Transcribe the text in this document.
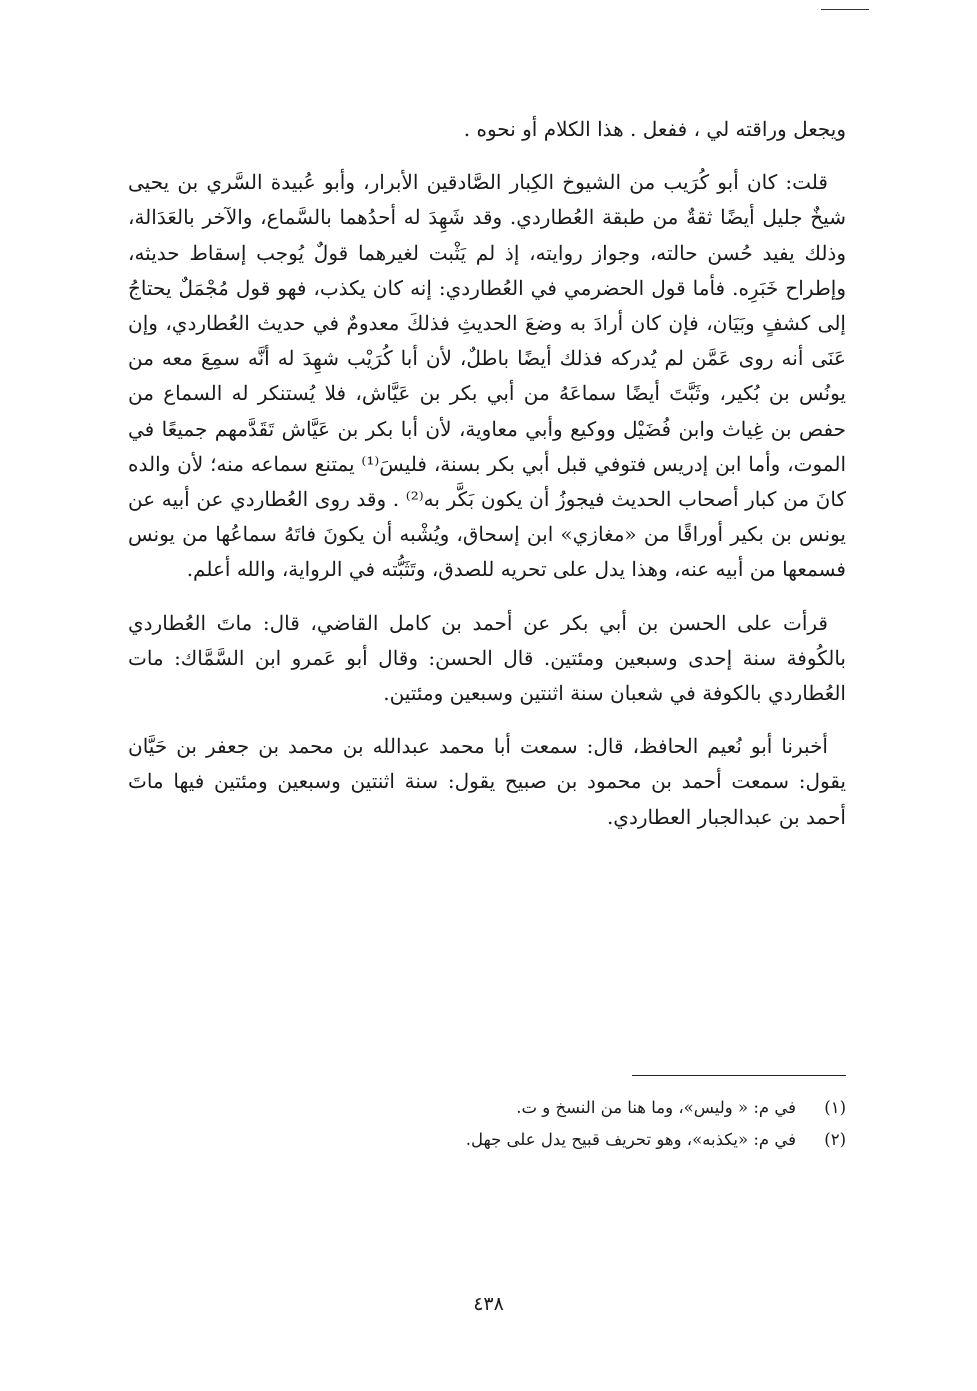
ويجعل وراقته لي ، ففعل . هذا الكلام أو نحوه .

قلت: كان أبو كُرَيب من الشيوخ الكِبار الصَّادقين الأبرار، وأبو عُبيدة السَّري بن يحيى شيخٌ جليل أيضًا ثقةٌ من طبقة العُطاردي. وقد شَهِدَ له أحدُهما بالسَّماع، والآخر بالعَدَالة، وذلك يفيد حُسن حالته، وجواز روايته، إذ لم يَثْبت لغيرهما قولٌ يُوجب إسقاط حديثه، وإطراح خَبَرِه. فأما قول الحضرمي في العُطاردي: إنه كان يكذب، فهو قول مُجْمَلٌ يحتاجُ إلى كشفٍ وبَيَان، فإن كان أرادَ به وضعَ الحديثِ فذلكَ معدومٌ في حديث العُطاردي، وإن عَنَى أنه روى عَمَّن لم يُدركه فذلك أيضًا باطلٌ، لأن أبا كُرَيْب شهِدَ له أنَّه سمِعَ معه من يونُس بن بُكير، وثَبَّتَ أيضًا سماعَهُ من أبي بكر بن عَيَّاش، فلا يُستنكر له السماع من حفص بن غِياث وابن فُضَيْل ووكيع وأبي معاوية، لأن أبا بكر بن عَيَّاش تَقَدَّمهم جميعًا في الموت، وأما ابن إدريس فتوفي قبل أبي بكر بسنة، فليسَ⁽¹⁾ يمتنع سماعه منه؛ لأن والده كانَ من كبار أصحاب الحديث فيجوزُ أن يكون بَكَّر به⁽²⁾ . وقد روى العُطاردي عن أبيه عن يونس بن بكير أوراقًا من «مغازي» ابن إسحاق، ويُشْبه أن يكونَ فاتَهُ سماعُها من يونس فسمعها من أبيه عنه، وهذا يدل على تحريه للصدق، وتَثَبُّته في الرواية، والله أعلم.

قرأت على الحسن بن أبي بكر عن أحمد بن كامل القاضي، قال: ماتَ العُطاردي بالكُوفة سنة إحدى وسبعين ومئتين. قال الحسن: وقال أبو عَمرو ابن السَّمَّاك: مات العُطاردي بالكوفة في شعبان سنة اثنتين وسبعين ومئتين.

أخبرنا أبو نُعيم الحافظ، قال: سمعت أبا محمد عبدالله بن محمد بن جعفر بن حَيَّان يقول: سمعت أحمد بن محمود بن صبيح يقول: سنة اثنتين وسبعين ومئتين فيها ماتَ أحمد بن عبدالجبار العطاردي.

(١)
في م: « وليس»، وما هنا من النسخ و ت.
(٢)
في م: «يكذبه»، وهو تحريف قبيح يدل على جهل.
٤٣٨
